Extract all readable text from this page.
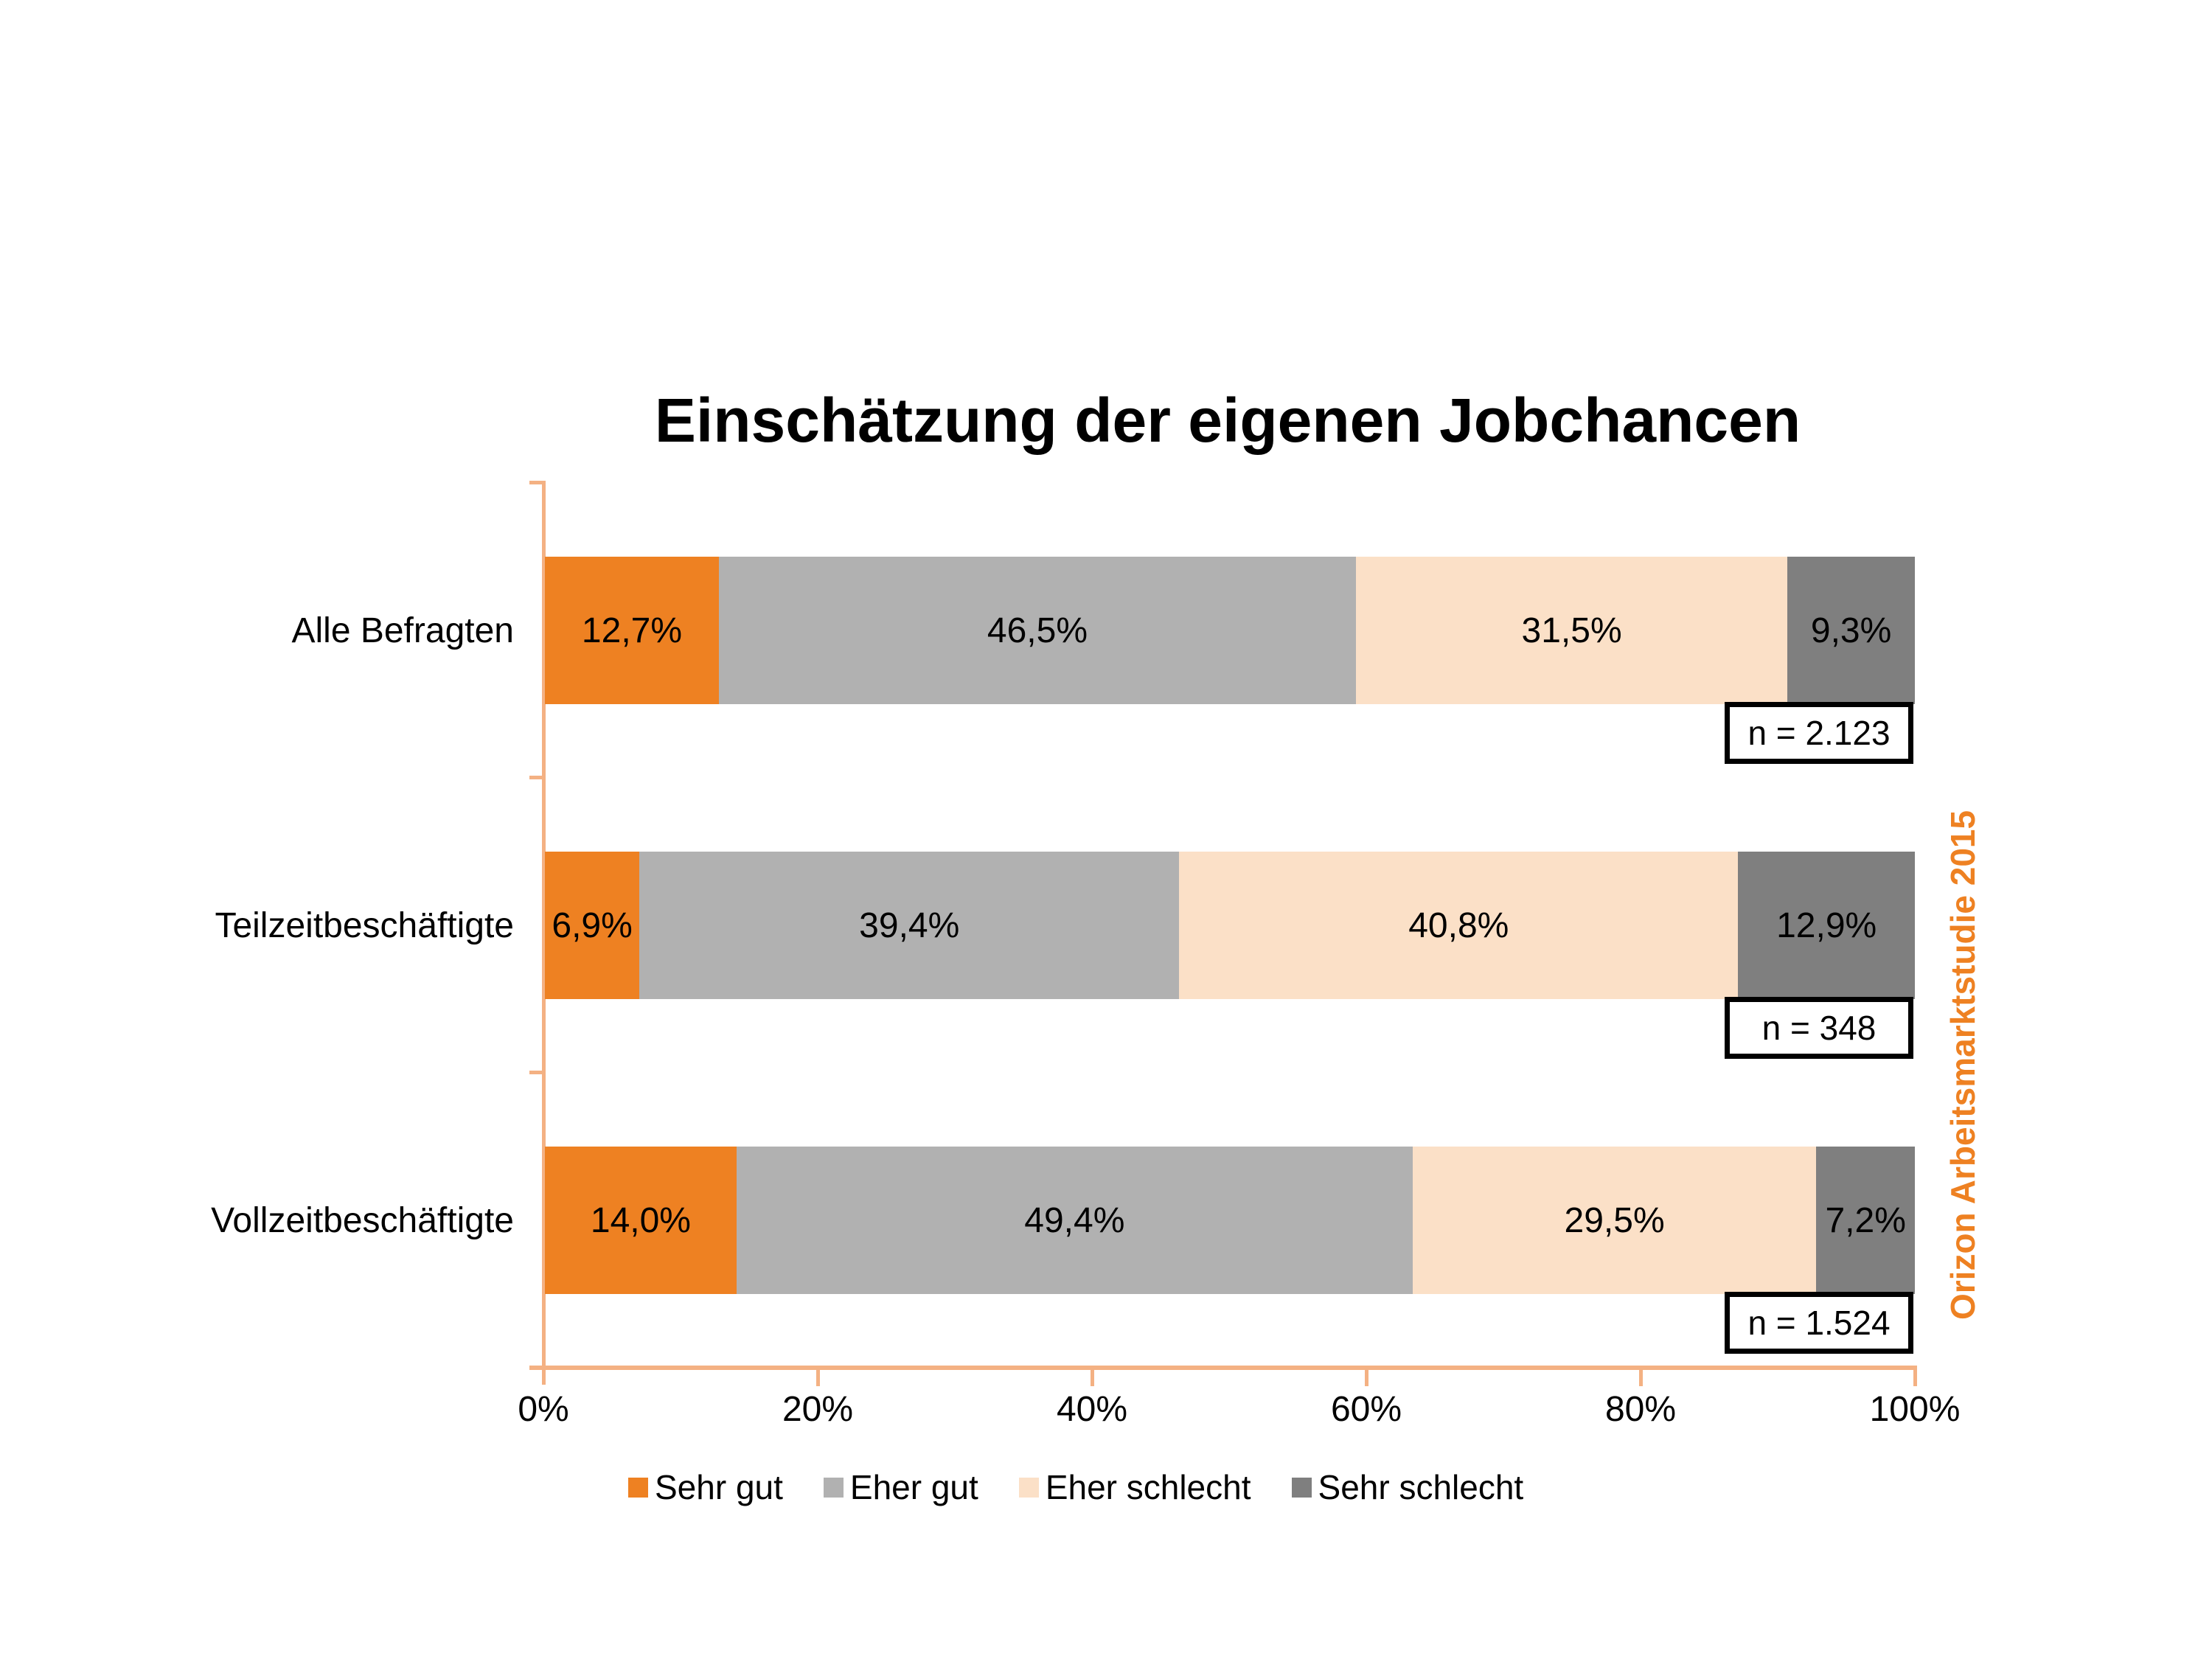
Einschätzung der eigenen Jobchancen
Alle Befragten 12,7%	46,5%	31,5%	9,3%
n = 2.123
Teilzeitbeschäftigte 6,9%	39,4%	40,8%	12,9%
n = 348
Vollzeitbeschäftigte 14,0%	49,4%	29,5%	7,2%
n = 1.524
0%	20%	40%	60%	80%	100%
Sehr gut Eher gut Eher schlecht Sehr schlecht
Orizon Arbeitsmarktstudie 2015
